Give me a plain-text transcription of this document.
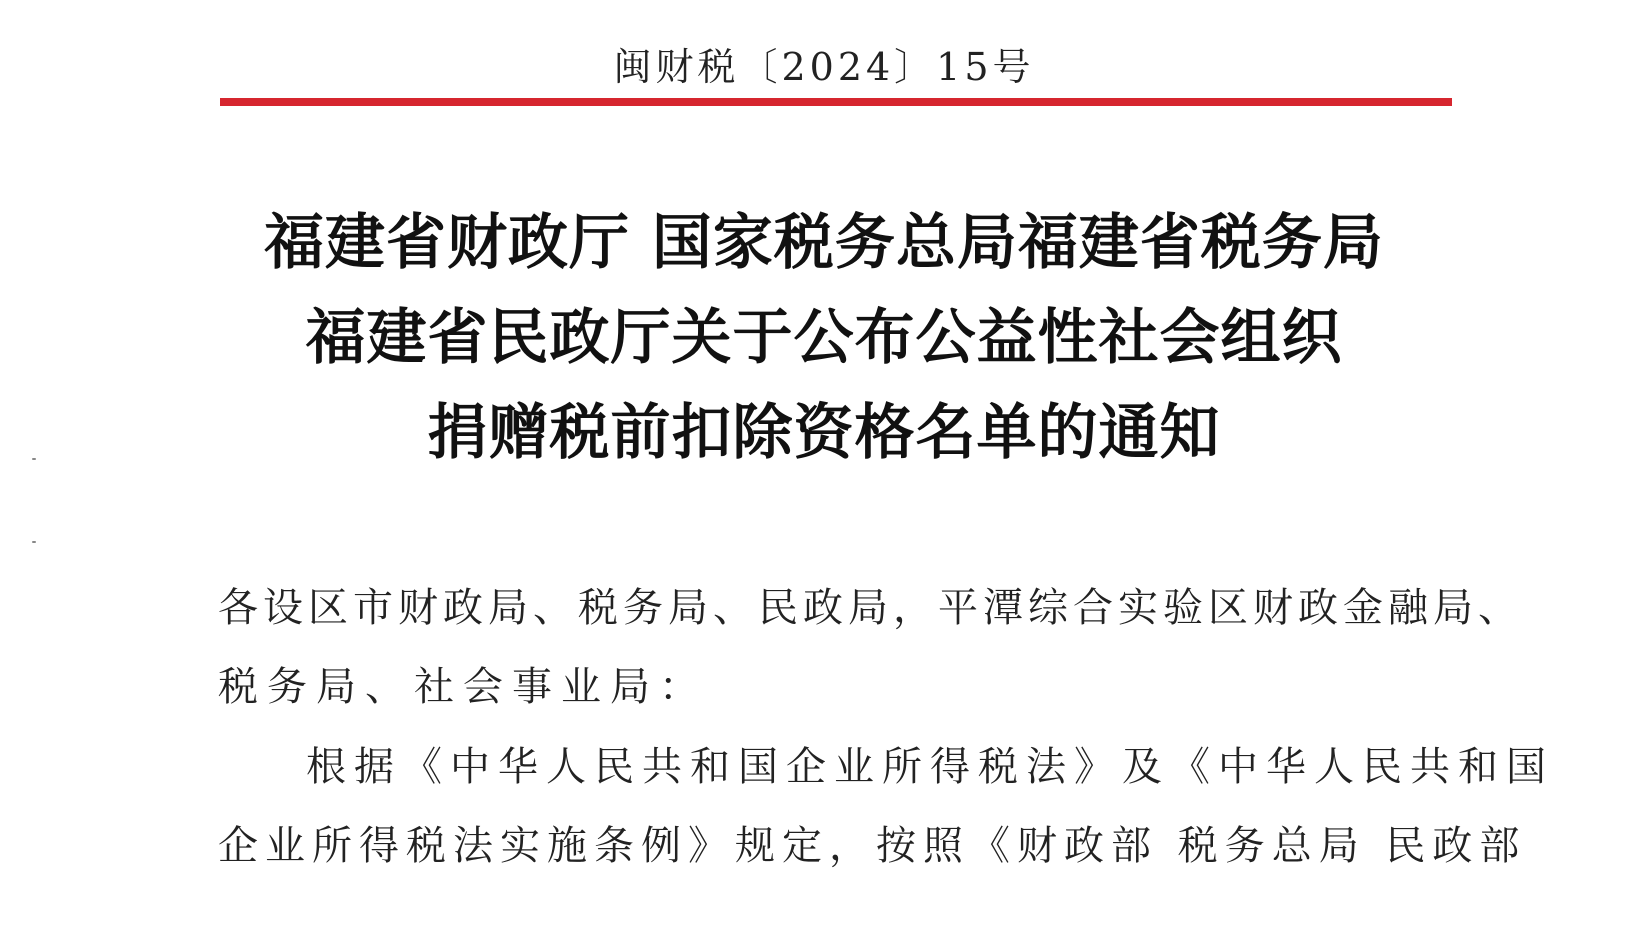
闽财税〔2024〕15号
福建省财政厅 国家税务总局福建省税务局
福建省民政厅关于公布公益性社会组织
捐赠税前扣除资格名单的通知
各设区市财政局、税务局、民政局，平潭综合实验区财政金融局、
税务局、社会事业局：
根据《中华人民共和国企业所得税法》及《中华人民共和国
企业所得税法实施条例》规定，按照《财政部 税务总局 民政部
